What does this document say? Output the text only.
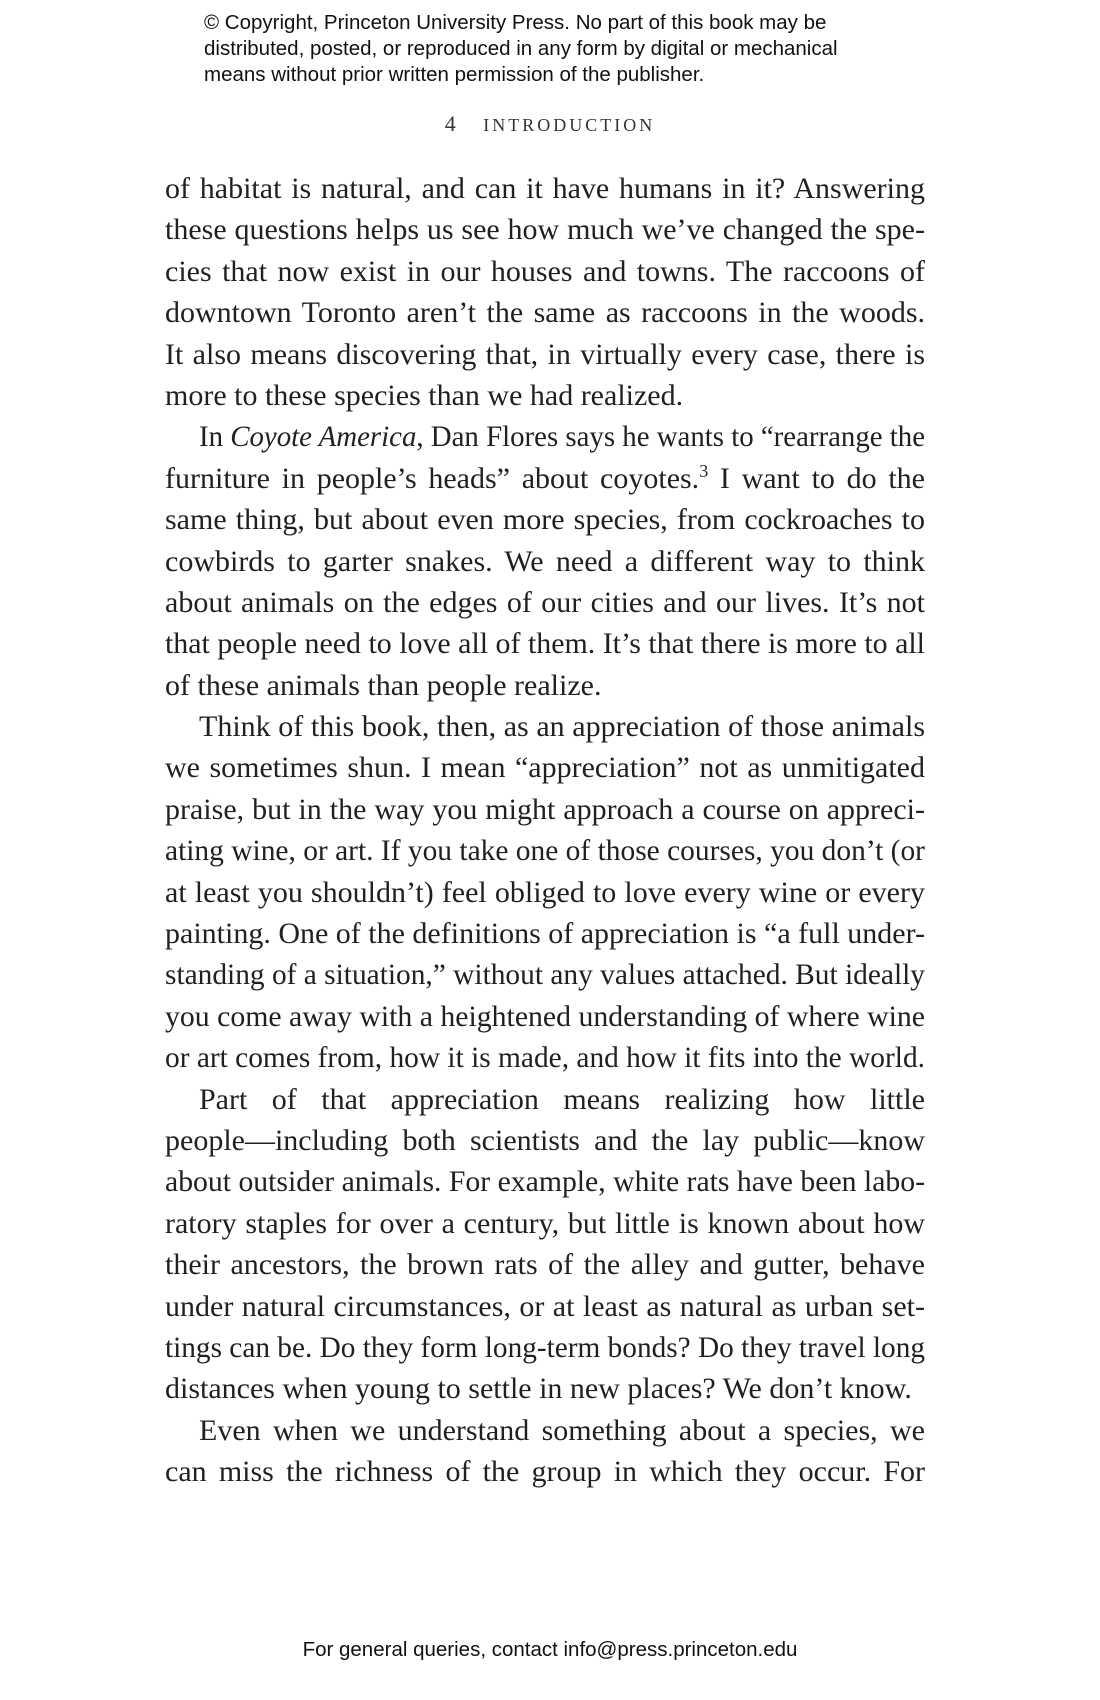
© Copyright, Princeton University Press. No part of this book may be
distributed, posted, or reproduced in any form by digital or mechanical
means without prior written permission of the publisher.
4 INTRODUCTION
of habitat is natural, and can it have humans in it? Answering
these questions helps us see how much we’ve changed the spe-
cies that now exist in our houses and towns. The raccoons of
downtown Toronto aren’t the same as raccoons in the woods.
It also means discovering that, in virtually every case, there is
more to these species than we had realized.
In Coyote America, Dan Flores says he wants to “rearrange the
furniture in people’s heads” about coyotes.$^3$ I want to do the
same thing, but about even more species, from cockroaches to
cowbirds to garter snakes. We need a different way to think
about animals on the edges of our cities and our lives. It’s not
that people need to love all of them. It’s that there is more to all
of these animals than people realize.
Think of this book, then, as an appreciation of those animals
we sometimes shun. I mean “appreciation” not as unmitigated
praise, but in the way you might approach a course on appreci-
ating wine, or art. If you take one of those courses, you don’t (or
at least you shouldn’t) feel obliged to love every wine or every
painting. One of the definitions of appreciation is “a full under-
standing of a situation,” without any values attached. But ideally
you come away with a heightened understanding of where wine
or art comes from, how it is made, and how it fits into the world.
Part of that appreciation means realizing how little
people—including both scientists and the lay public—know
about outsider animals. For example, white rats have been labo-
ratory staples for over a century, but little is known about how
their ancestors, the brown rats of the alley and gutter, behave
under natural circumstances, or at least as natural as urban set-
tings can be. Do they form long-term bonds? Do they travel long
distances when young to settle in new places? We don’t know.
Even when we understand something about a species, we
can miss the richness of the group in which they occur. For
For general queries, contact info@press.princeton.edu
